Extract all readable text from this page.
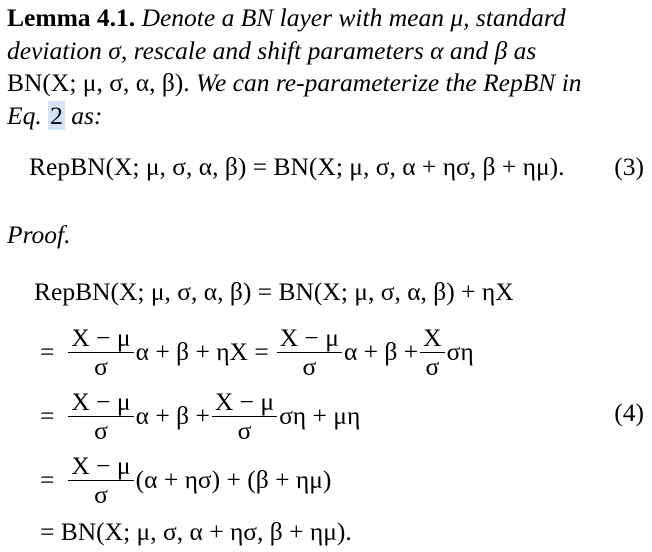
Lemma 4.1. Denote a BN layer with mean μ, standard
deviation σ, rescale and shift parameters α and β as
BN(X; μ, σ, α, β). We can re-parameterize the RepBN in
Eq. 2 as:
RepBN(X; μ, σ, α, β) = BN(X; μ, σ, α + ησ, β + ημ). (3)
Proof.
RepBN(X; μ, σ, α, β) = BN(X; μ, σ, α, β) + ηX
= $\frac{X - \mu}{\sigma}$ $\alpha + \beta + \eta X = \frac{X - \mu}{\sigma}$ $\alpha + \beta + \frac{X}{\sigma}$ ση
= $\frac{X - \mu}{\sigma}$ $\alpha + \beta + \frac{X - \mu}{\sigma}$ ση + μη	(4)
= $\frac{X - \mu}{\sigma} (\alpha + \eta\sigma) + (\beta + \eta\mu)$
= BN(X; μ, σ, α + ησ, β + ημ).
